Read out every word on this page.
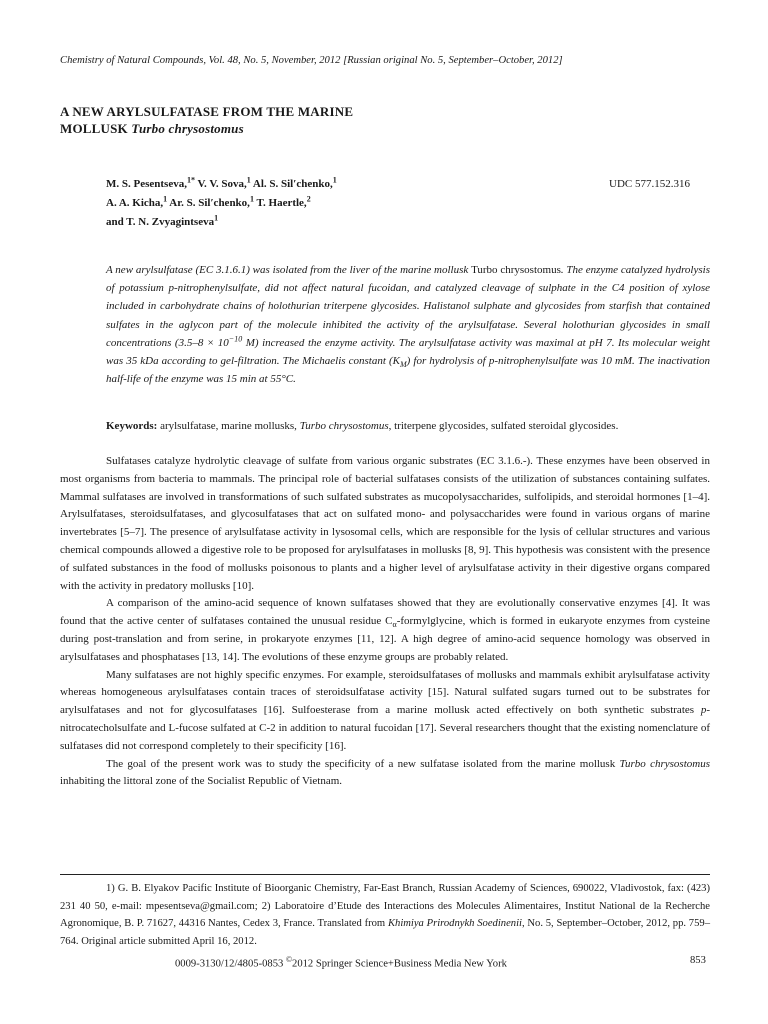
Chemistry of Natural Compounds, Vol. 48, No. 5, November, 2012 [Russian original No. 5, September–October, 2012]
A NEW ARYLSULFATASE FROM THE MARINE
MOLLUSK Turbo chrysostomus
M. S. Pesentseva,$^{1*}$ V. V. Sova,$^1$ Al. S. Sil′chenko,$^1$
A. A. Kicha,$^1$ Ar. S. Sil′chenko,$^1$ T. Haertle,$^2$
and T. N. Zvyagintseva$^1$
UDC 577.152.316
A new arylsulfatase (EC 3.1.6.1) was isolated from the liver of the marine mollusk Turbo chrysostomus. The enzyme catalyzed hydrolysis of potassium p-nitrophenylsulfate, did not affect natural fucoidan, and catalyzed cleavage of sulphate in the C4 position of xylose included in carbohydrate chains of holothurian triterpene glycosides. Halistanol sulphate and glycosides from starfish that contained sulfates in the aglycon part of the molecule inhibited the activity of the arylsulfatase. Several holothurian glycosides in small concentrations ($3.5-8 \times 10^{-10}$ M) increased the enzyme activity. The arylsulfatase activity was maximal at pH 7. Its molecular weight was 35 kDa according to gel-filtration. The Michaelis constant $(K_M)$ for hydrolysis of p-nitrophenylsulfate was 10 mM. The inactivation half-life of the enzyme was 15 min at 55°C.
Keywords: arylsulfatase, marine mollusks, Turbo chrysostomus, triterpene glycosides, sulfated steroidal glycosides.

Sulfatases catalyze hydrolytic cleavage of sulfate from various organic substrates (EC 3.1.6.-). These enzymes have been observed in most organisms from bacteria to mammals. The principal role of bacterial sulfatases consists of the utilization of substances containing sulfates. Mammal sulfatases are involved in transformations of such sulfated substrates as mucopolysaccharides, sulfolipids, and steroidal hormones [1–4]. Arylsulfatases, steroidsulfatases, and glycosulfatases that act on sulfated mono- and polysaccharides were found in various organs of marine invertebrates [5–7]. The presence of arylsulfatase activity in lysosomal cells, which are responsible for the lysis of cellular structures and various chemical compounds allowed a digestive role to be proposed for arylsulfatases in mollusks [8, 9]. This hypothesis was consistent with the presence of sulfated substances in the food of mollusks poisonous to plants and a higher level of arylsulfatase activity in their digestive organs compared with the activity in predatory mollusks [10].

A comparison of the amino-acid sequence of known sulfatases showed that they are evolutionally conservative enzymes [4]. It was found that the active center of sulfatases contained the unusual residue $C_\alpha$-formylglycine, which is formed in eukaryote enzymes from cysteine during post-translation and from serine, in prokaryote enzymes [11, 12]. A high degree of amino-acid sequence homology was observed in arylsulfatases and phosphatases [13, 14]. The evolutions of these enzyme groups are probably related.

Many sulfatases are not highly specific enzymes. For example, steroidsulfatases of mollusks and mammals exhibit arylsulfatase activity whereas homogeneous arylsulfatases contain traces of steroidsulfatase activity [15]. Natural sulfated sugars turned out to be substrates for arylsulfatases and not for glycosulfatases [16]. Sulfoesterase from a marine mollusk acted effectively on both synthetic substrates p-nitrocatecholsulfate and L-fucose sulfated at C-2 in addition to natural fucoidan [17]. Several researchers thought that the existing nomenclature of sulfatases did not correspond completely to their specificity [16].

The goal of the present work was to study the specificity of a new sulfatase isolated from the marine mollusk Turbo chrysostomus inhabiting the littoral zone of the Socialist Republic of Vietnam.

1) G. B. Elyakov Pacific Institute of Bioorganic Chemistry, Far-East Branch, Russian Academy of Sciences, 690022, Vladivostok, fax: (423) 231 40 50, e-mail: mpesentseva@gmail.com; 2) Laboratoire d’Etude des Interactions des Molecules Alimentaires, Institut National de la Recherche Agronomique, B. P. 71627, 44316 Nantes, Cedex 3, France. Translated from Khimiya Prirodnykh Soedinenii, No. 5, September–October, 2012, pp. 759–764. Original article submitted April 16, 2012.

0009-3130/12/4805-0853 ©2012 Springer Science+Business Media New York	853
